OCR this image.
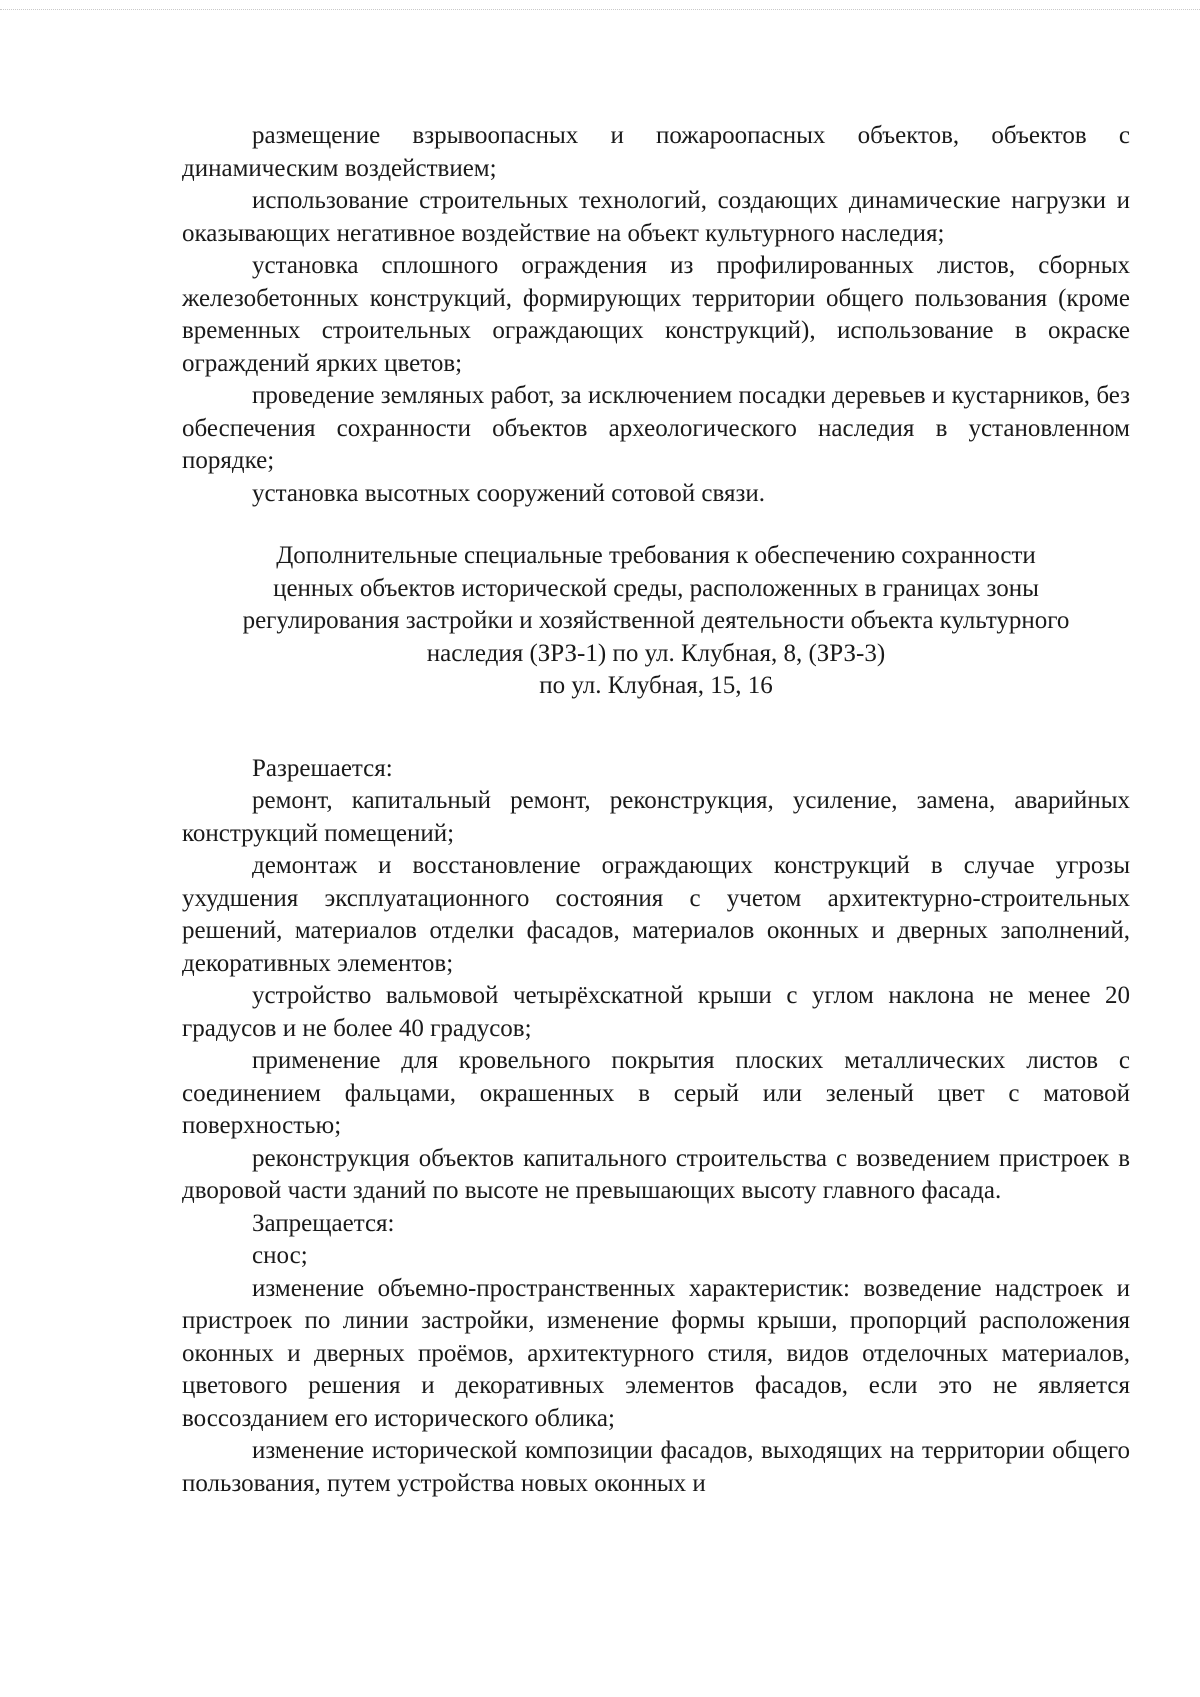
размещение взрывоопасных и пожароопасных объектов, объектов с динамическим воздействием;

использование строительных технологий, создающих динамические нагрузки и оказывающих негативное воздействие на объект культурного наследия;

установка сплошного ограждения из профилированных листов, сборных железобетонных конструкций, формирующих территории общего пользования (кроме временных строительных ограждающих конструкций), использование в окраске ограждений ярких цветов;

проведение земляных работ, за исключением посадки деревьев и кустарников, без обеспечения сохранности объектов археологического наследия в установленном порядке;

установка высотных сооружений сотовой связи.

Дополнительные специальные требования к обеспечению сохранности
ценных объектов исторической среды, расположенных в границах зоны
регулирования застройки и хозяйственной деятельности объекта культурного
наследия (ЗРЗ-1) по ул. Клубная, 8, (ЗРЗ-3)
по ул. Клубная, 15, 16

Разрешается:

ремонт, капитальный ремонт, реконструкция, усиление, замена, аварийных конструкций помещений;

демонтаж и восстановление ограждающих конструкций в случае угрозы ухудшения эксплуатационного состояния с учетом архитектурно-строительных решений, материалов отделки фасадов, материалов оконных и дверных заполнений, декоративных элементов;

устройство вальмовой четырёхскатной крыши с углом наклона не менее 20 градусов и не более 40 градусов;

применение для кровельного покрытия плоских металлических листов с соединением фальцами, окрашенных в серый или зеленый цвет с матовой поверхностью;

реконструкция объектов капитального строительства с возведением пристроек в дворовой части зданий по высоте не превышающих высоту главного фасада.

Запрещается:

снос;

изменение объемно-пространственных характеристик: возведение надстроек и пристроек по линии застройки, изменение формы крыши, пропорций расположения оконных и дверных проёмов, архитектурного стиля, видов отделочных материалов, цветового решения и декоративных элементов фасадов, если это не является воссозданием его исторического облика;

изменение исторической композиции фасадов, выходящих на территории общего пользования, путем устройства новых оконных и
